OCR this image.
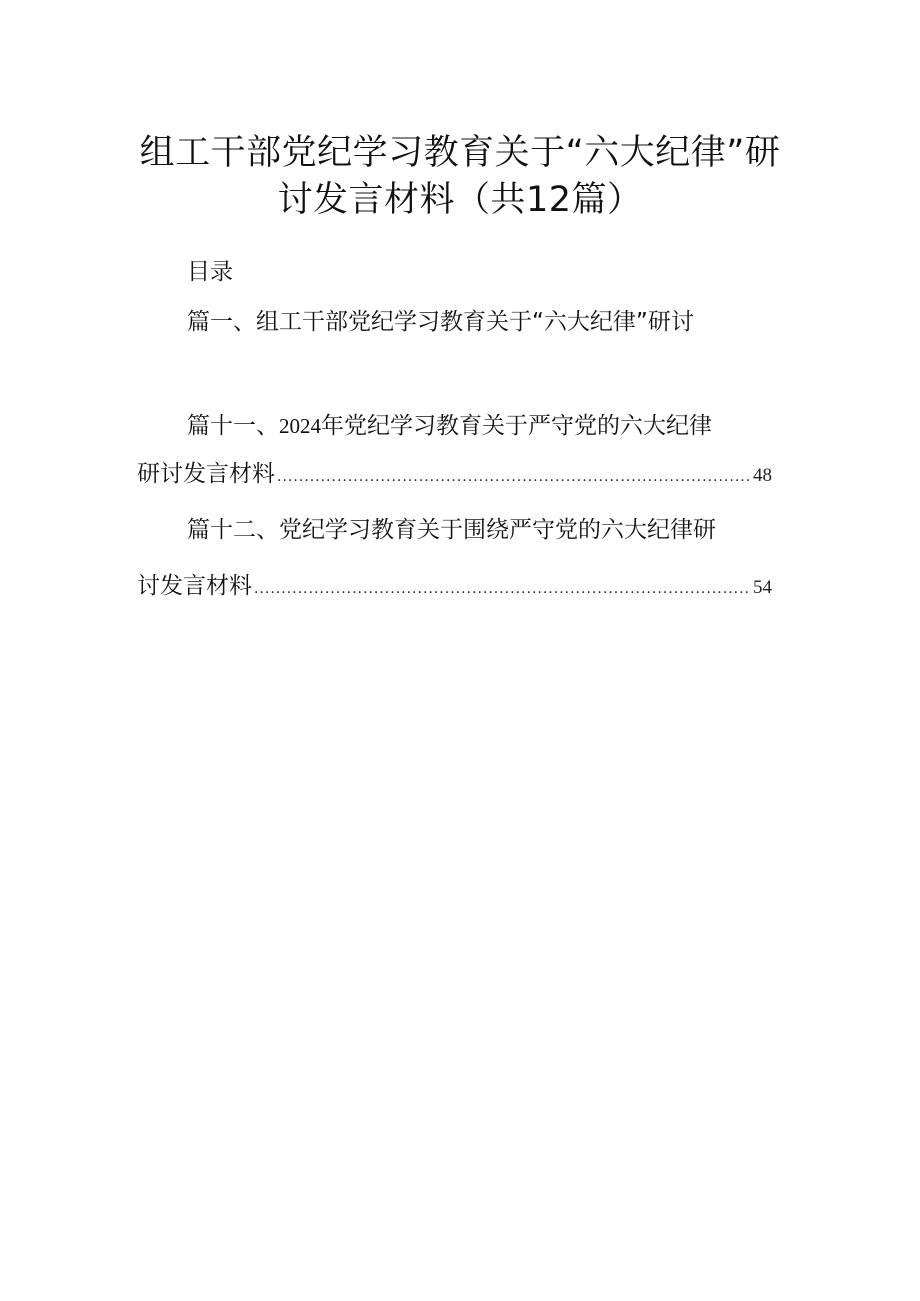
组工干部党纪学习教育关于“六大纪律”研
讨发言材料（共12篇）
目录
篇一、组工干部党纪学习教育关于“六大纪律”研讨
篇十一、2024年党纪学习教育关于严守党的六大纪律
研讨发言材料 .....	48
篇十二、党纪学习教育关于围绕严守党的六大纪律研
讨发言材料 .....	54
